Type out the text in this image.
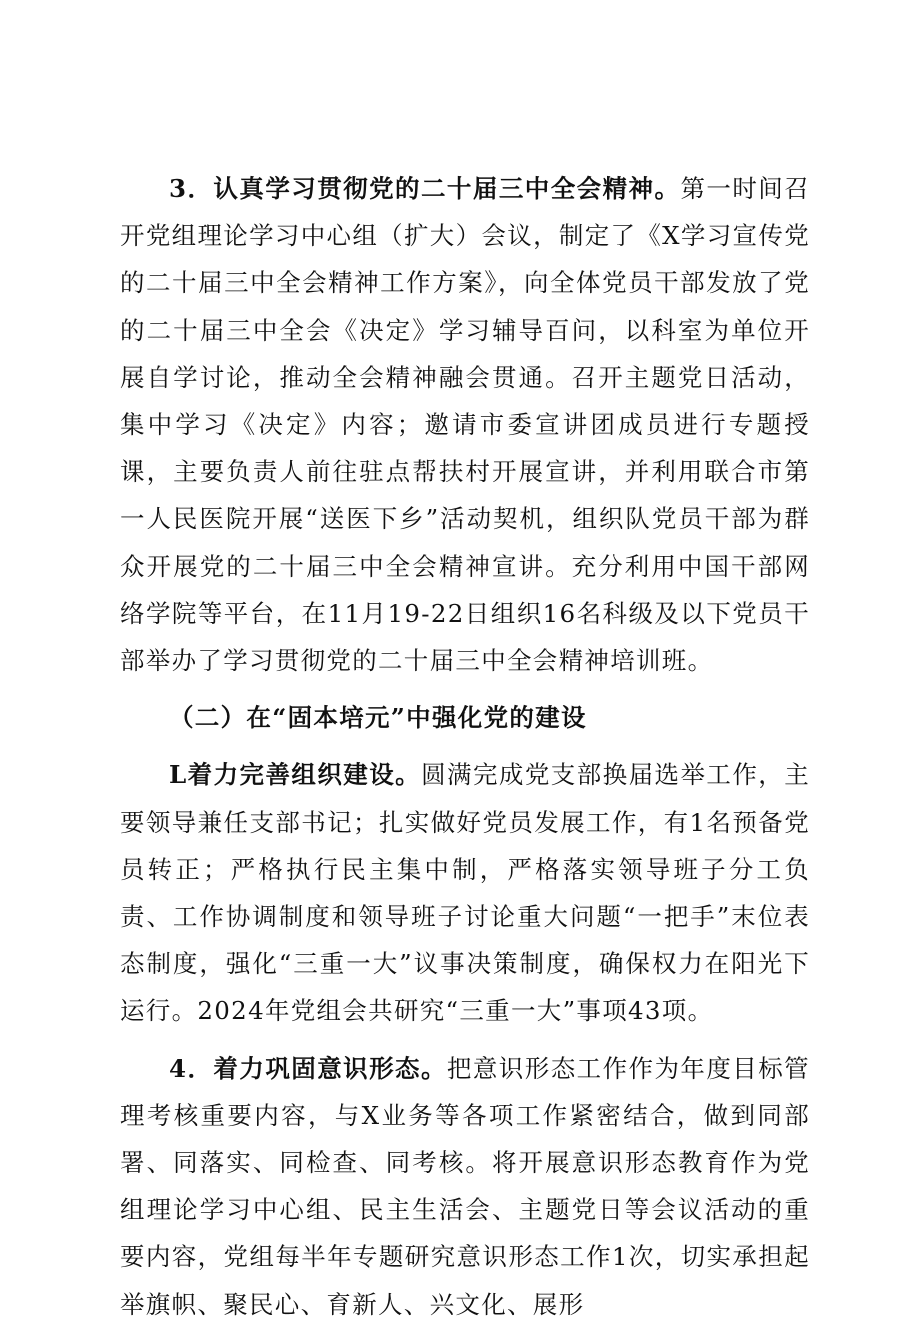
3．认真学习贯彻党的二十届三中全会精神。第一时间召开党组理论学习中心组（扩大）会议，制定了《X学习宣传党的二十届三中全会精神工作方案》，向全体党员干部发放了党的二十届三中全会《决定》学习辅导百问，以科室为单位开展自学讨论，推动全会精神融会贯通。召开主题党日活动，集中学习《决定》内容；邀请市委宣讲团成员进行专题授课，主要负责人前往驻点帮扶村开展宣讲，并利用联合市第一人民医院开展“送医下乡”活动契机，组织队党员干部为群众开展党的二十届三中全会精神宣讲。充分利用中国干部网络学院等平台，在11月19-22日组织16名科级及以下党员干部举办了学习贯彻党的二十届三中全会精神培训班。

（二）在“固本培元”中强化党的建设

L着力完善组织建设。圆满完成党支部换届选举工作，主要领导兼任支部书记；扎实做好党员发展工作，有1名预备党员转正；严格执行民主集中制，严格落实领导班子分工负责、工作协调制度和领导班子讨论重大问题“一把手”末位表态制度，强化“三重一大”议事决策制度，确保权力在阳光下运行。2024年党组会共研究“三重一大”事项43项。

4．着力巩固意识形态。把意识形态工作作为年度目标管理考核重要内容，与X业务等各项工作紧密结合，做到同部署、同落实、同检查、同考核。将开展意识形态教育作为党组理论学习中心组、民主生活会、主题党日等会议活动的重要内容，党组每半年专题研究意识形态工作1次，切实承担起举旗帜、聚民心、育新人、兴文化、展形
